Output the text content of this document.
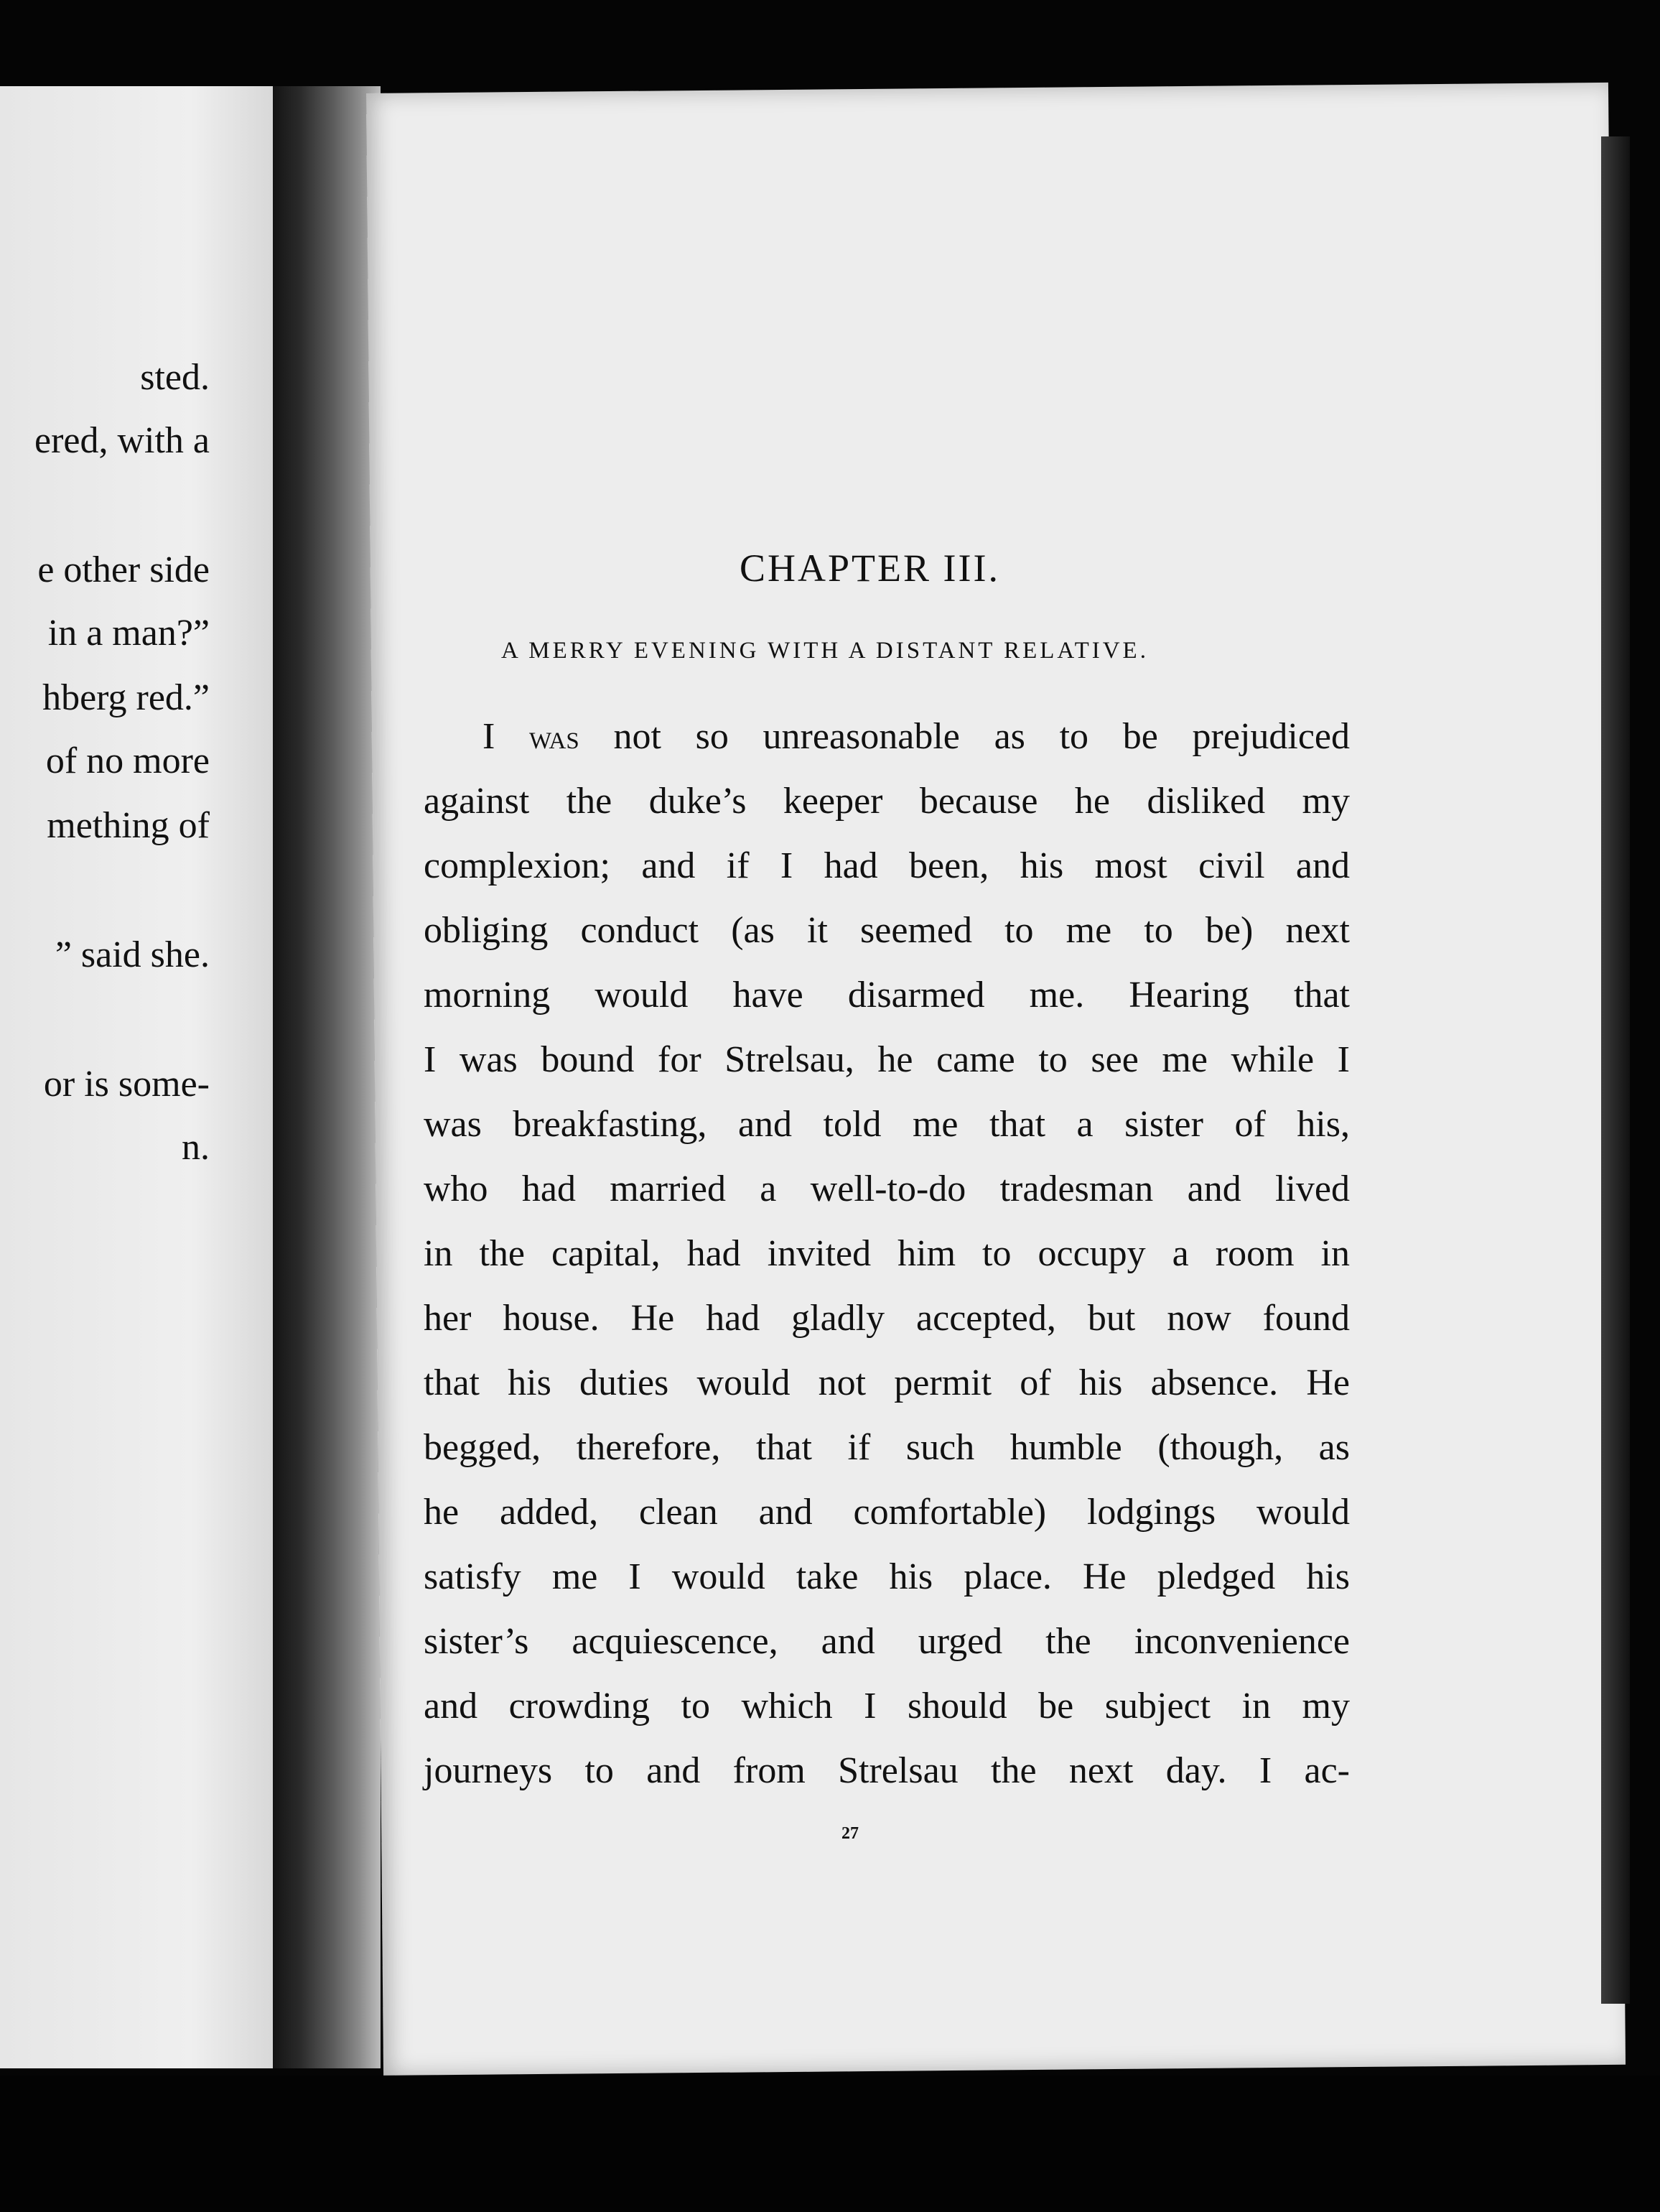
sted.
ered, with a
e other side
in a man?”
hberg red.”
of no more
mething of
” said she.
or is some-
n.
CHAPTER III.
A MERRY EVENING WITH A DISTANT RELATIVE.
I was not so unreasonable as to be prejudiced
against the duke’s keeper because he disliked my
complexion; and if I had been, his most civil and
obliging conduct (as it seemed to me to be) next
morning would have disarmed me. Hearing that
I was bound for Strelsau, he came to see me while I
was breakfasting, and told me that a sister of his,
who had married a well-to-do tradesman and lived
in the capital, had invited him to occupy a room in
her house. He had gladly accepted, but now found
that his duties would not permit of his absence. He
begged, therefore, that if such humble (though, as
he added, clean and comfortable) lodgings would
satisfy me I would take his place. He pledged his
sister’s acquiescence, and urged the inconvenience
and crowding to which I should be subject in my
journeys to and from Strelsau the next day. I ac-
27
